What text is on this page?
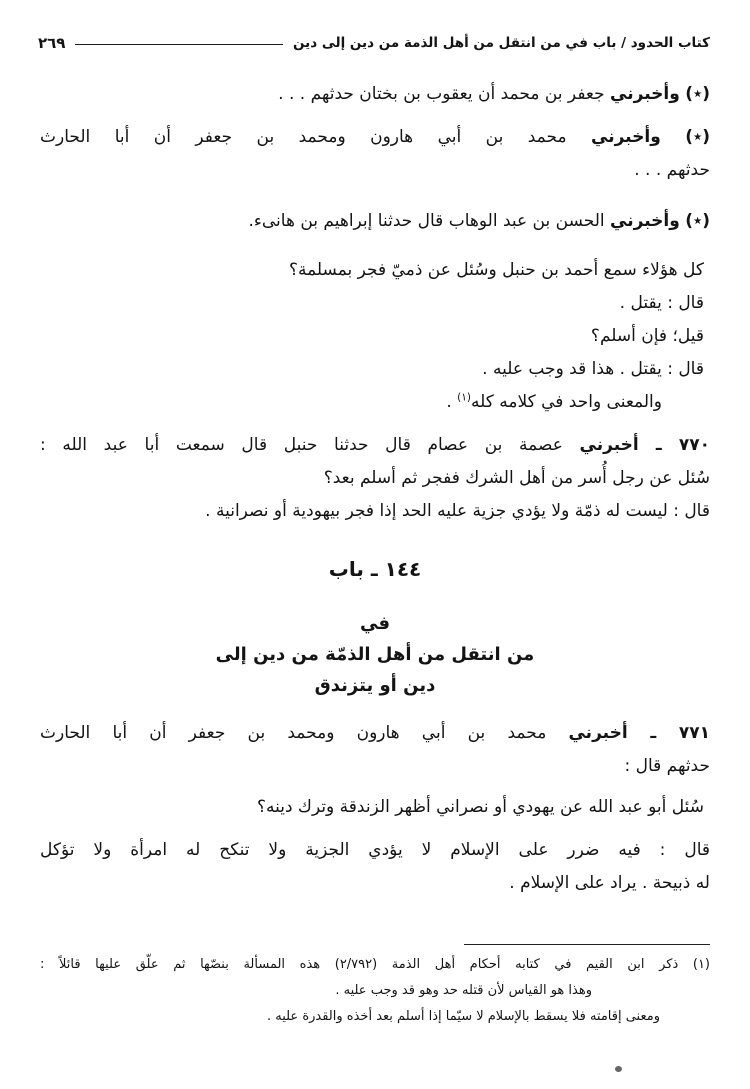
كتاب الحدود / باب في من انتقل من أهل الذمة من دين إلى دين
٢٦٩

(٭) وأخبرني جعفر بن محمد أن يعقوب بن بختان حدثهم . . .

(٭) وأخبرني محمد بن أبي هارون ومحمد بن جعفر أن أبا الحارث

حدثهم . . .

(٭) وأخبرني الحسن بن عبد الوهاب قال حدثنا إبراهيم بن هانىء.

كل هؤلاء سمع أحمد بن حنبل وسُئل عن ذميّ فجر بمسلمة؟

قال : يقتل .

قيل؛ فإن أسلم؟

قال : يقتل . هذا قد وجب عليه .

والمعنى واحد في كلامه كله$^{(١)}$ .

٧٧٠ ـ أخبرني عصمة بن عصام قال حدثنا حنبل قال سمعت أبا عبد الله :

سُئل عن رجل أُسر من أهل الشرك ففجر ثم أسلم بعد؟

قال : ليست له ذمّة ولا يؤدي جزية عليه الحد إذا فجر بيهودية أو نصرانية .

١٤٤ ـ باب

في

من انتقل من أهل الذمّة من دين إلى

دين أو يتزندق

٧٧١ ـ أخبرني محمد بن أبي هارون ومحمد بن جعفر أن أبا الحارث

حدثهم قال :

سُئل أبو عبد الله عن يهودي أو نصراني أظهر الزندقة وترك دينه؟

قال : فيه ضرر على الإسلام لا يؤدي الجزية ولا تنكح له امرأة ولا تؤكل

له ذبيحة . يراد على الإسلام .

(١) ذكر ابن القيم في كتابه أحكام أهل الذمة (٢/٧٩٢) هذه المسألة بنصّها ثم علّق عليها قائلاً :

وهذا هو القياس لأن قتله حد وهو قد وجب عليه .

ومعنى إقامته فلا يسقط بالإسلام لا سيّما إذا أسلم بعد أخذه والقدرة عليه .
